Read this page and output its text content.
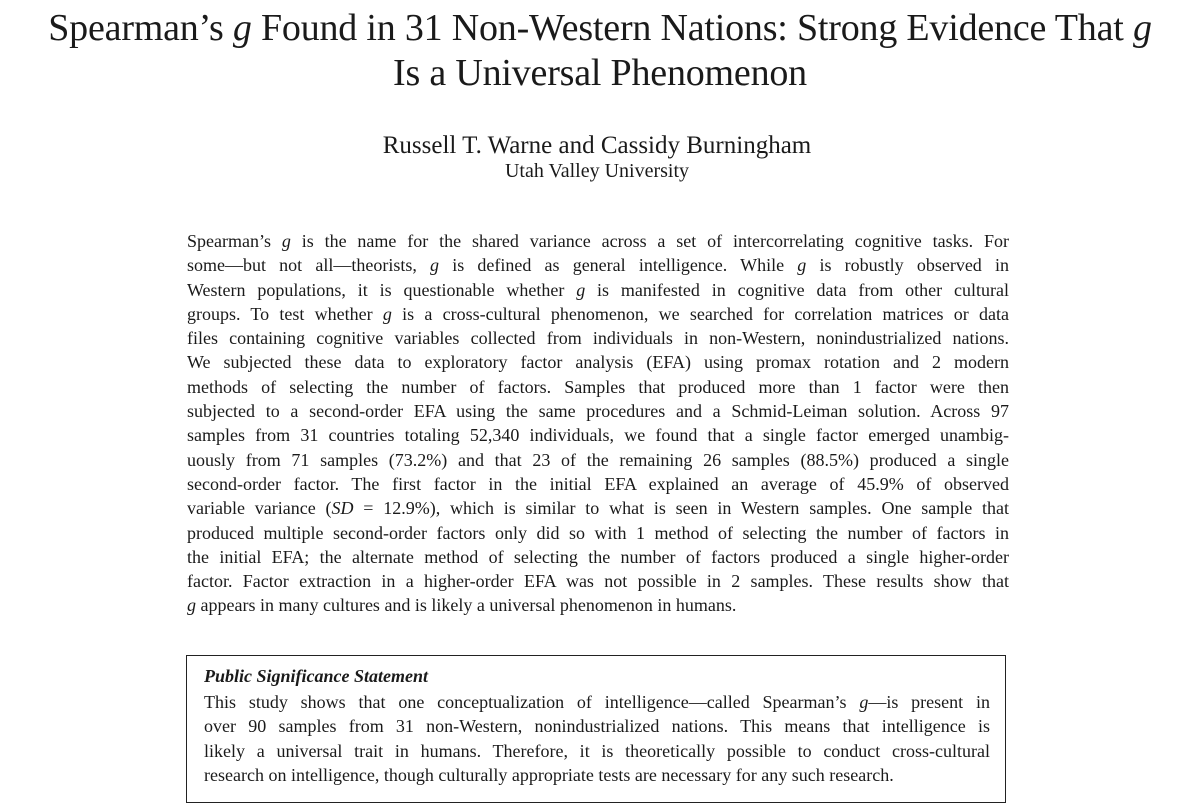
Spearman’s g Found in 31 Non-Western Nations: Strong Evidence That g
Is a Universal Phenomenon

Russell T. Warne and Cassidy Burningham

Utah Valley University

Spearman’s g is the name for the shared variance across a set of intercorrelating cognitive tasks. For
some—but not all—theorists, g is defined as general intelligence. While g is robustly observed in
Western populations, it is questionable whether g is manifested in cognitive data from other cultural
groups. To test whether g is a cross-cultural phenomenon, we searched for correlation matrices or data
files containing cognitive variables collected from individuals in non-Western, nonindustrialized nations.
We subjected these data to exploratory factor analysis (EFA) using promax rotation and 2 modern
methods of selecting the number of factors. Samples that produced more than 1 factor were then
subjected to a second-order EFA using the same procedures and a Schmid-Leiman solution. Across 97
samples from 31 countries totaling 52,340 individuals, we found that a single factor emerged unambig-
uously from 71 samples (73.2%) and that 23 of the remaining 26 samples (88.5%) produced a single
second-order factor. The first factor in the initial EFA explained an average of 45.9% of observed
variable variance (SD = 12.9%), which is similar to what is seen in Western samples. One sample that
produced multiple second-order factors only did so with 1 method of selecting the number of factors in
the initial EFA; the alternate method of selecting the number of factors produced a single higher-order
factor. Factor extraction in a higher-order EFA was not possible in 2 samples. These results show that
g appears in many cultures and is likely a universal phenomenon in humans.

Public Significance Statement

This study shows that one conceptualization of intelligence—called Spearman’s g—is present in
over 90 samples from 31 non-Western, nonindustrialized nations. This means that intelligence is
likely a universal trait in humans. Therefore, it is theoretically possible to conduct cross-cultural
research on intelligence, though culturally appropriate tests are necessary for any such research.
